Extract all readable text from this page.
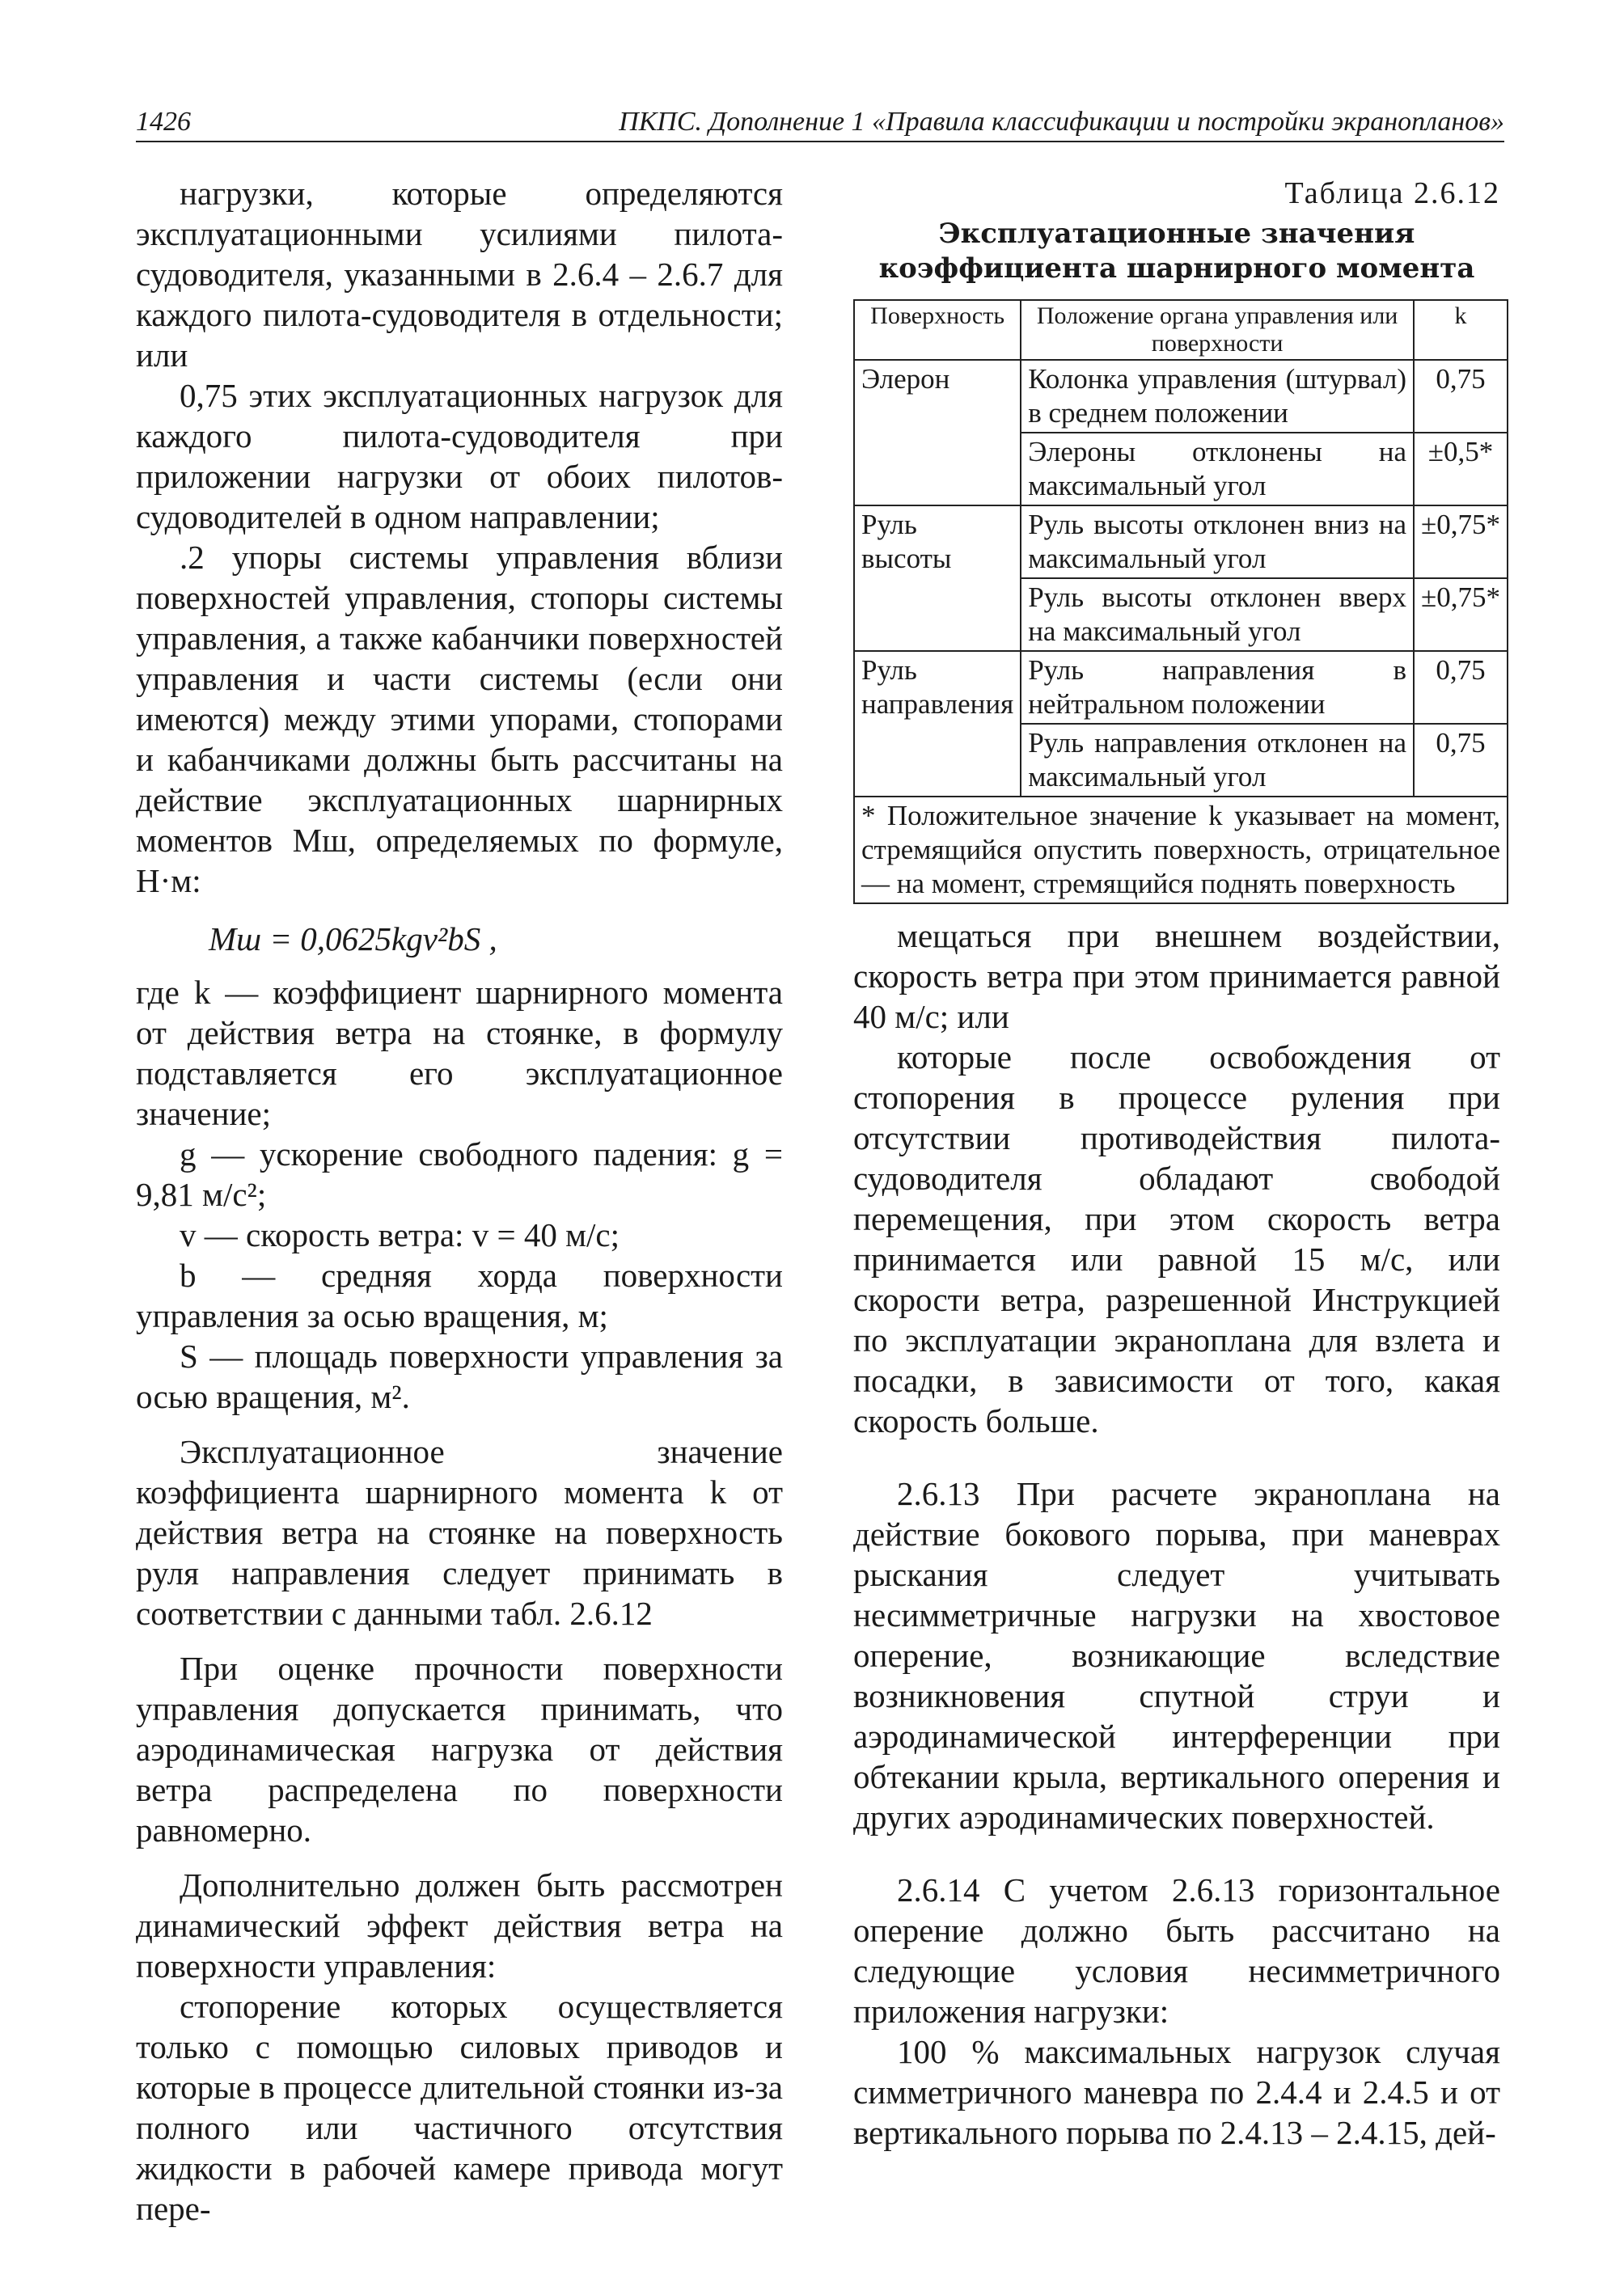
1426	ПКПС. Дополнение 1 «Правила классификации и постройки экранопланов»

нагрузки, которые определяются эксплуатационными усилиями пилота-судоводителя, указанными в 2.6.4 – 2.6.7 для каждого пилота-судоводителя в отдельности; или

0,75 этих эксплуатационных нагрузок для каждого пилота-судоводителя при приложении нагрузки от обоих пилотов-судоводителей в одном направлении;

.2 упоры системы управления вблизи поверхностей управления, стопоры системы управления, а также кабанчики поверхностей управления и части системы (если они имеются) между этими упорами, стопорами и кабанчиками должны быть рассчитаны на действие эксплуатационных шарнирных моментов Mш, определяемых по формуле, Н·м:

Mш = 0,0625kgv²bS ,

где k — коэффициент шарнирного момента от действия ветра на стоянке, в формулу подставляется его эксплуатационное значение;

g — ускорение свободного падения: g = 9,81 м/с²;

v — скорость ветра: v = 40 м/с;

b — средняя хорда поверхности управления за осью вращения, м;

S — площадь поверхности управления за осью вращения, м².

Эксплуатационное значение коэффициента шарнирного момента k от действия ветра на стоянке на поверхность руля направления следует принимать в соответствии с данными табл. 2.6.12

При оценке прочности поверхности управления допускается принимать, что аэродинамическая нагрузка от действия ветра распределена по поверхности равномерно.

Дополнительно должен быть рассмотрен динамический эффект действия ветра на поверхности управления:

стопорение которых осуществляется только с помощью силовых приводов и которые в процессе длительной стоянки из-за полного или частичного отсутствия жидкости в рабочей камере привода могут пере-

Таблица 2.6.12

Эксплуатационные значения коэффициента шарнирного момента

Поверхность	Положение органа управления или поверхности	k
Элерон	Колонка управления (штурвал) в среднем положении	0,75
	Элероны отклонены на максимальный угол	±0,5*
Руль высоты	Руль высоты отклонен вниз на максимальный угол	±0,75*
	Руль высоты отклонен вверх на максимальный угол	±0,75*
Руль направления	Руль направления в нейтральном положении	0,75
	Руль направления отклонен на максимальный угол	0,75
* Положительное значение k указывает на момент, стремящийся опустить поверхность, отрицательное — на момент, стремящийся поднять поверхность		

мещаться при внешнем воздействии, скорость ветра при этом принимается равной 40 м/с; или

которые после освобождения от стопорения в процессе руления при отсутствии противодействия пилота-судоводителя обладают свободой перемещения, при этом скорость ветра принимается или равной 15 м/с, или скорости ветра, разрешенной Инструкцией по эксплуатации экраноплана для взлета и посадки, в зависимости от того, какая скорость больше.

2.6.13 При расчете экраноплана на действие бокового порыва, при маневрах рыскания следует учитывать несимметричные нагрузки на хвостовое оперение, возникающие вследствие возникновения спутной струи и аэродинамической интерференции при обтекании крыла, вертикального оперения и других аэродинамических поверхностей.

2.6.14 С учетом 2.6.13 горизонтальное оперение должно быть рассчитано на следующие условия несимметричного приложения нагрузки:

100 % максимальных нагрузок случая симметричного маневра по 2.4.4 и 2.4.5 и от вертикального порыва по 2.4.13 – 2.4.15, дей-
